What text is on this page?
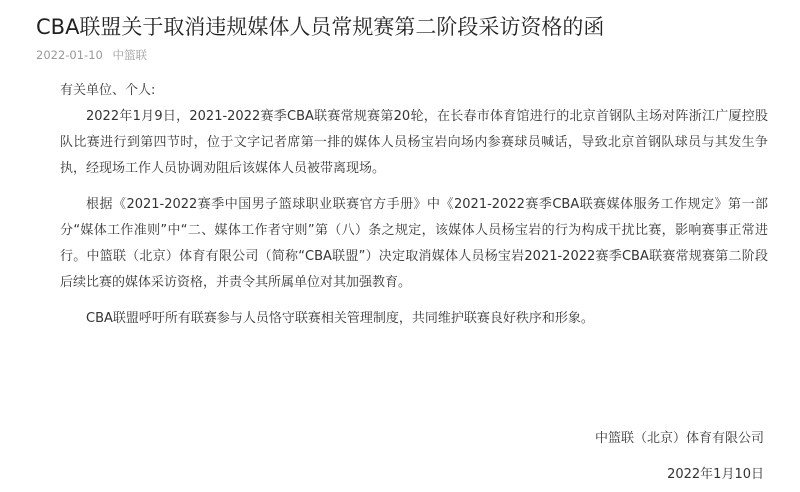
CBA联盟关于取消违规媒体人员常规赛第二阶段采访资格的函
2022-01-10 中篮联

有关单位、个人:

2022年1月9日，2021-2022赛季CBA联赛常规赛第20轮，在长春市体育馆进行的北京首钢队主场对阵浙江广厦控股队比赛进行到第四节时，位于文字记者席第一排的媒体人员杨宝岩向场内参赛球员喊话，导致北京首钢队球员与其发生争执，经现场工作人员协调劝阻后该媒体人员被带离现场。

根据《2021-2022赛季中国男子篮球职业联赛官方手册》中《2021-2022赛季CBA联赛媒体服务工作规定》第一部分“媒体工作准则”中“二、媒体工作者守则”第（八）条之规定，该媒体人员杨宝岩的行为构成干扰比赛，影响赛事正常进行。中篮联（北京）体育有限公司（简称“CBA联盟”）决定取消媒体人员杨宝岩2021-2022赛季CBA联赛常规赛第二阶段后续比赛的媒体采访资格，并责令其所属单位对其加强教育。

CBA联盟呼吁所有联赛参与人员恪守联赛相关管理制度，共同维护联赛良好秩序和形象。

中篮联（北京）体育有限公司
2022年1月10日
